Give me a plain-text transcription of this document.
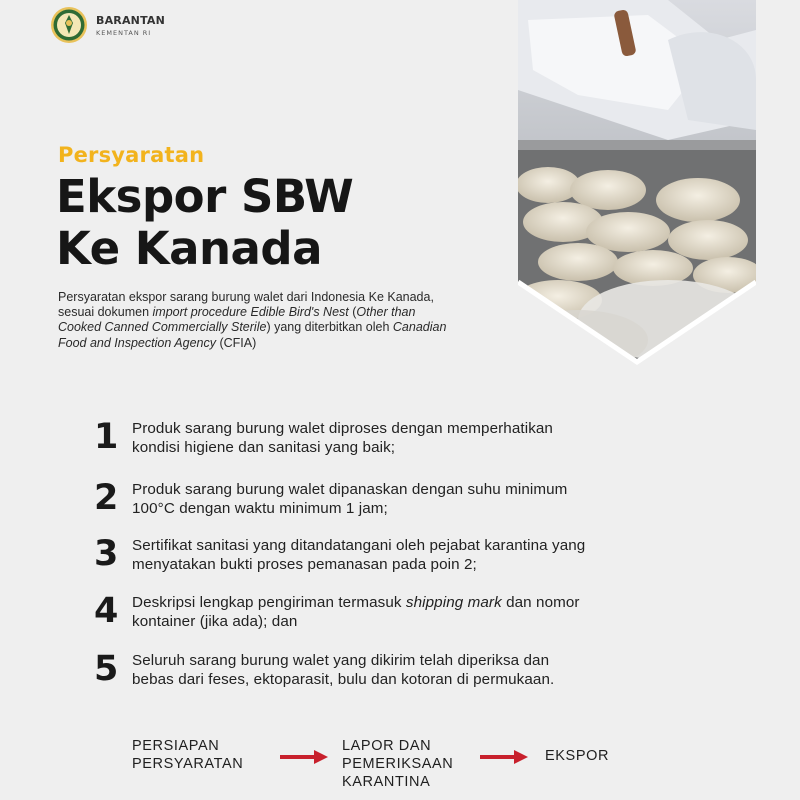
BARANTAN
KEMENTAN RI
Persyaratan
Ekspor SBW
Ke Kanada

Persyaratan ekspor sarang burung walet dari Indonesia Ke Kanada, sesuai dokumen import procedure Edible Bird's Nest (Other than Cooked Canned Commercially Sterile) yang diterbitkan oleh Canadian Food and Inspection Agency (CFIA)

1 Produk sarang burung walet diproses dengan memperhatikan
kondisi higiene dan sanitasi yang baik;
2 Produk sarang burung walet dipanaskan dengan suhu minimum
100°C dengan waktu minimum 1 jam;
3 Sertifikat sanitasi yang ditandatangani oleh pejabat karantina yang
menyatakan bukti proses pemanasan pada poin 2;
4 Deskripsi lengkap pengiriman termasuk shipping mark dan nomor
kontainer (jika ada); dan
5 Seluruh sarang burung walet yang dikirim telah diperiksa dan
bebas dari feses, ektoparasit, bulu dan kotoran di permukaan.
PERSIAPAN
PERSYARATAN
LAPOR DAN
PEMERIKSAAN
KARANTINA
EKSPOR
